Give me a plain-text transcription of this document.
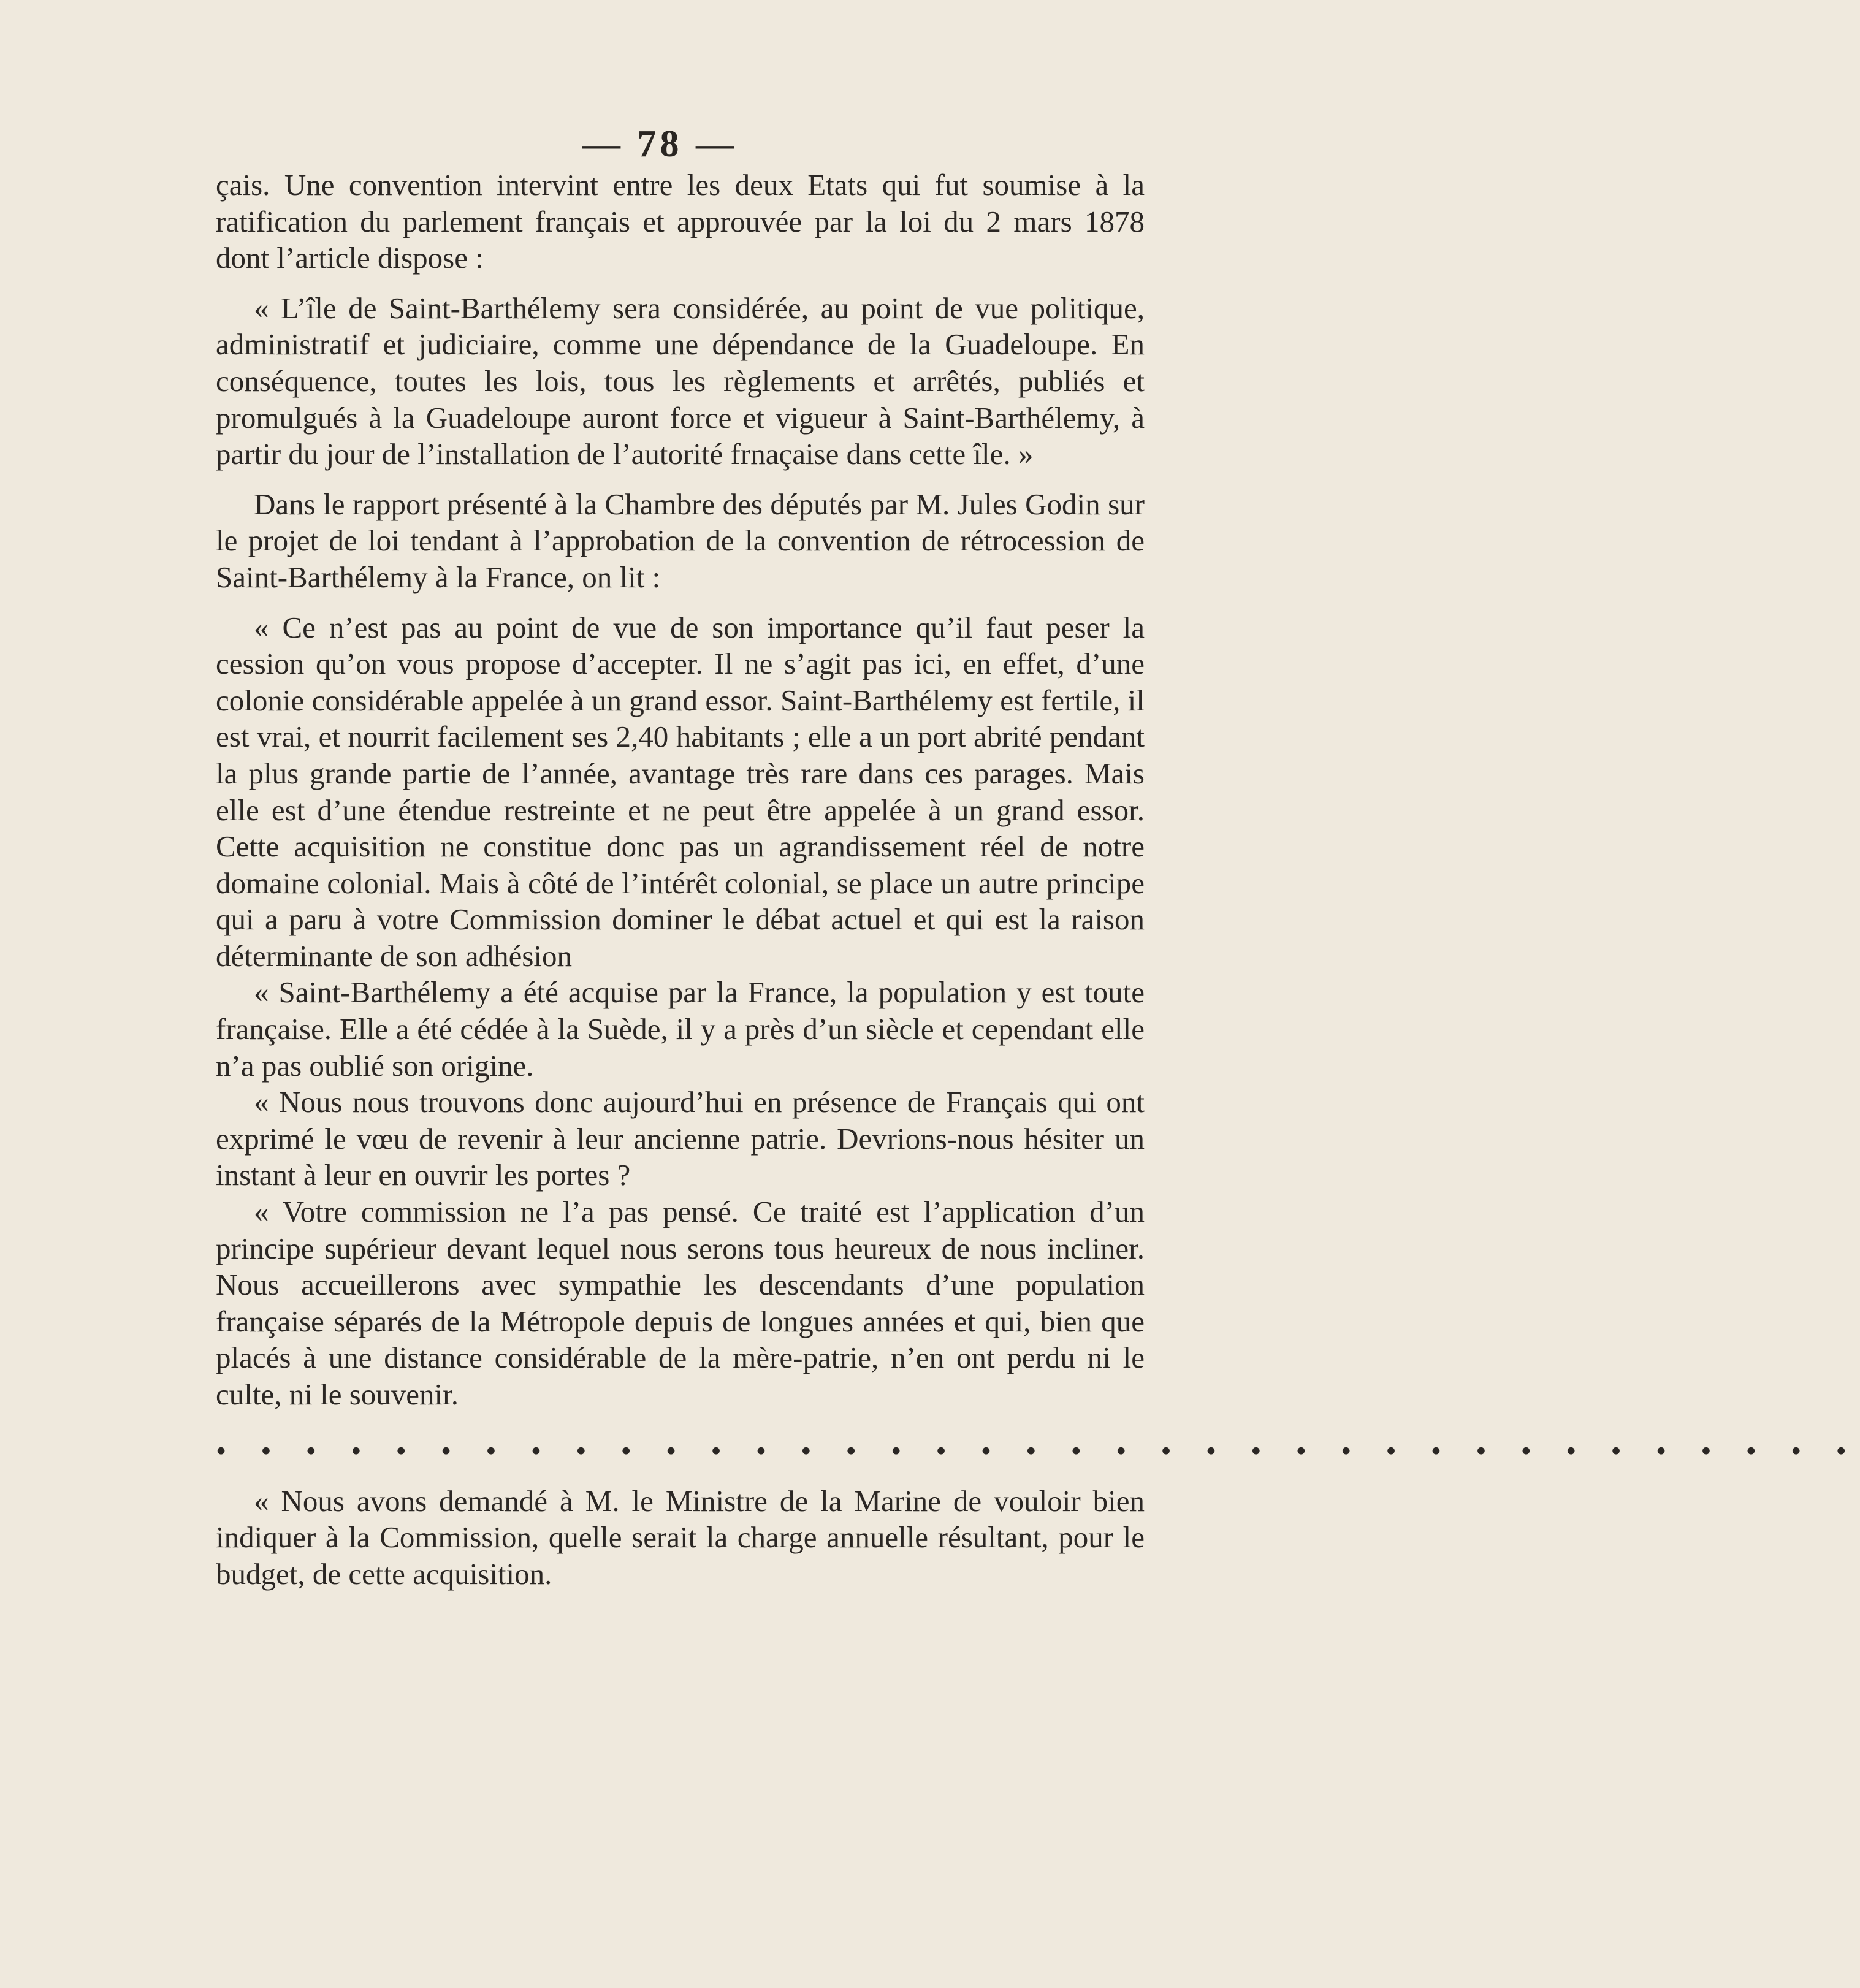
— 78 —

çais. Une convention intervint entre les deux Etats qui fut soumise à la ratification du parlement français et approuvée par la loi du 2 mars 1878 dont l’article dispose :

« L’île de Saint-Barthélemy sera considérée, au point de vue politique, administratif et judiciaire, comme une dépendance de la Guadeloupe. En conséquence, toutes les lois, tous les règlements et arrêtés, publiés et promulgués à la Guadeloupe auront force et vigueur à Saint-Barthélemy, à partir du jour de l’installation de l’autorité frnaçaise dans cette île. »

Dans le rapport présenté à la Chambre des députés par M. Jules Godin sur le projet de loi tendant à l’approbation de la convention de rétrocession de Saint-Barthélemy à la France, on lit :

« Ce n’est pas au point de vue de son importance qu’il faut peser la cession qu’on vous propose d’accepter. Il ne s’agit pas ici, en effet, d’une colonie considérable appelée à un grand essor. Saint-Barthélemy est fertile, il est vrai, et nourrit facilement ses 2,40 habitants ; elle a un port abrité pendant la plus grande partie de l’année, avantage très rare dans ces parages. Mais elle est d’une étendue restreinte et ne peut être appelée à un grand essor. Cette acquisition ne constitue donc pas un agrandissement réel de notre domaine colonial. Mais à côté de l’intérêt colonial, se place un autre principe qui a paru à votre Commission dominer le débat actuel et qui est la raison déterminante de son adhésion

« Saint-Barthélemy a été acquise par la France, la population y est toute française. Elle a été cédée à la Suède, il y a près d’un siècle et cependant elle n’a pas oublié son origine.

« Nous nous trouvons donc aujourd’hui en présence de Français qui ont exprimé le vœu de revenir à leur ancienne patrie. Devrions-nous hésiter un instant à leur en ouvrir les portes ?

« Votre commission ne l’a pas pensé. Ce traité est l’application d’un principe supérieur devant lequel nous serons tous heureux de nous incliner. Nous accueillerons avec sympathie les descendants d’une population française séparés de la Métropole depuis de longues années et qui, bien que placés à une distance considérable de la mère-patrie, n’en ont perdu ni le culte, ni le souvenir.

• • • • • • • • • • • • • • • • • • • • • • • • • • • • • • • • • • • • •

« Nous avons demandé à M. le Ministre de la Marine de vouloir bien indiquer à la Commission, quelle serait la charge annuelle résultant, pour le budget, de cette acquisition.
